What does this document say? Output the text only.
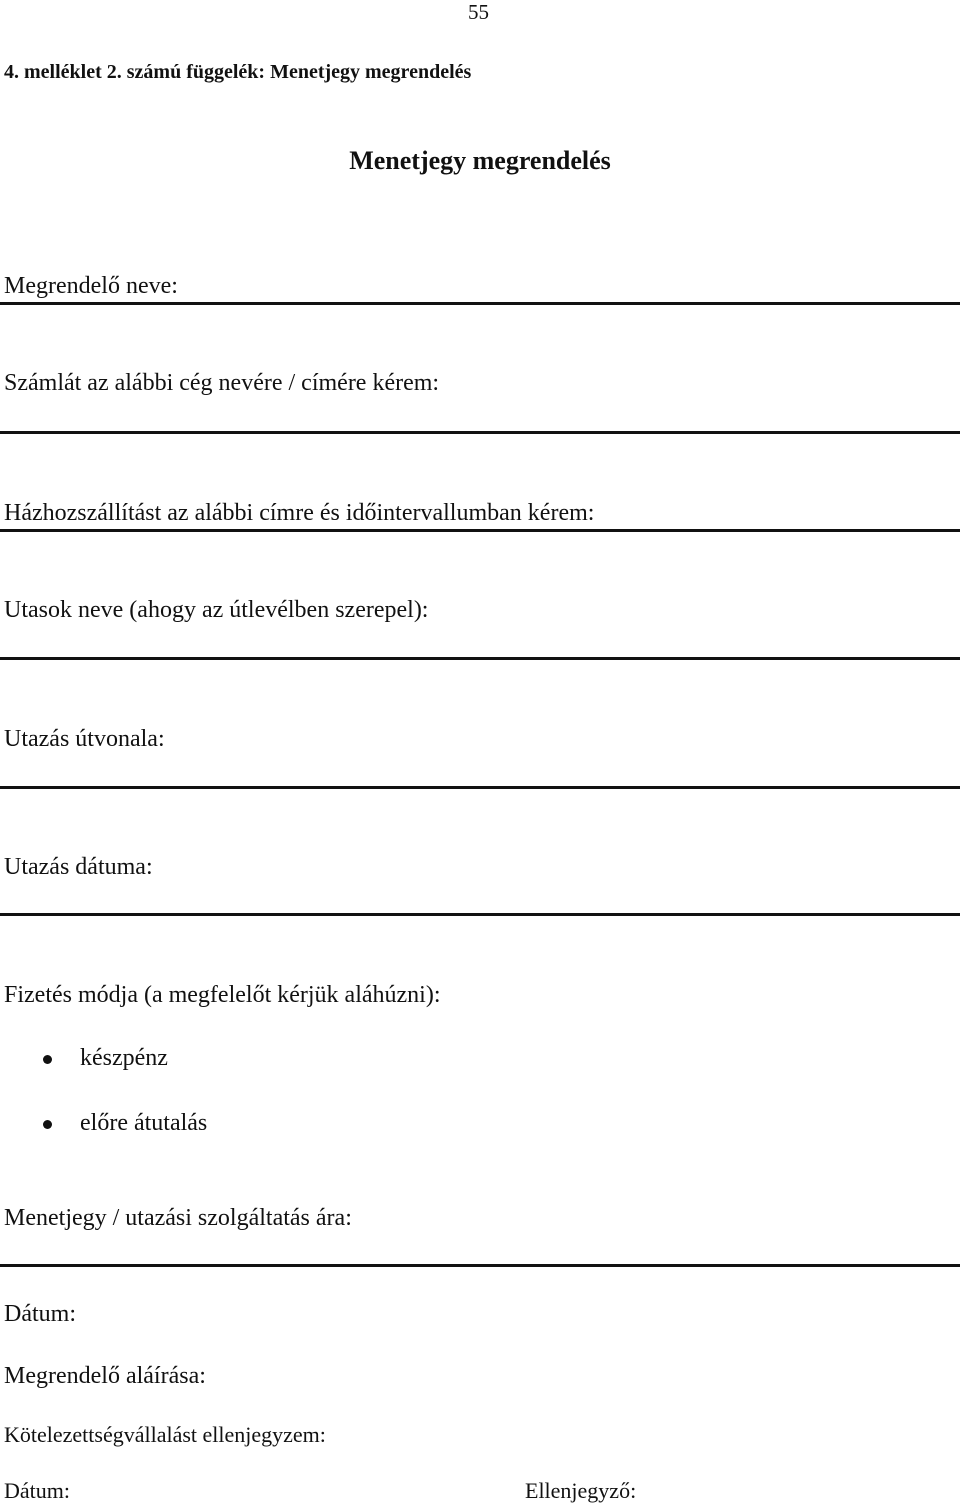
55
4. melléklet 2. számú függelék: Menetjegy megrendelés
Menetjegy megrendelés
Megrendelő neve:
Számlát az alábbi cég nevére / címére kérem:
Házhozszállítást az alábbi címre és időintervallumban kérem:
Utasok neve (ahogy az útlevélben szerepel):
Utazás útvonala:
Utazás dátuma:
Fizetés módja (a megfelelőt kérjük aláhúzni):
készpénz
előre átutalás
Menetjegy / utazási szolgáltatás ára:
Dátum:
Megrendelő aláírása:
Kötelezettségvállalást ellenjegyzem:
Dátum:	Ellenjegyző:
